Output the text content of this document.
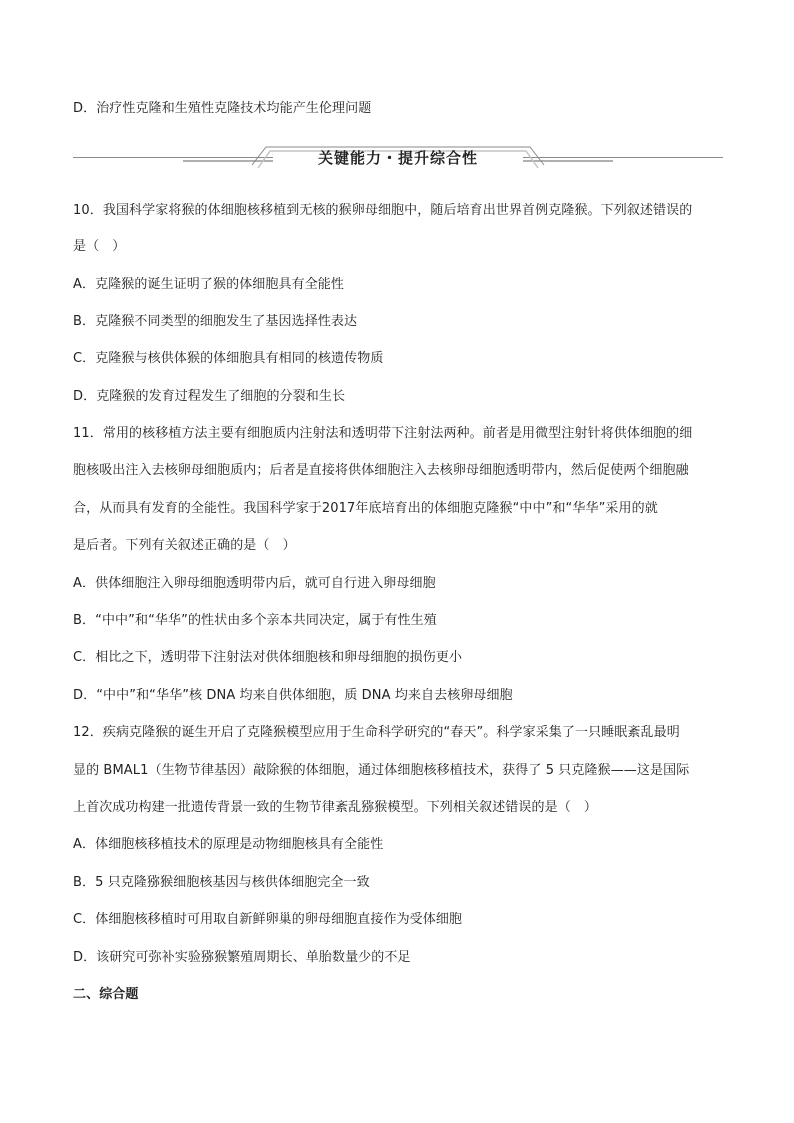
D．治疗性克隆和生殖性克隆技术均能产生伦理问题
关键能力・提升综合性
10．我国科学家将猴的体细胞核移植到无核的猴卵母细胞中，随后培育出世界首例克隆猴。下列叙述错误的
是（　）
A．克隆猴的诞生证明了猴的体细胞具有全能性
B．克隆猴不同类型的细胞发生了基因选择性表达
C．克隆猴与核供体猴的体细胞具有相同的核遗传物质
D．克隆猴的发育过程发生了细胞的分裂和生长
11．常用的核移植方法主要有细胞质内注射法和透明带下注射法两种。前者是用微型注射针将供体细胞的细
胞核吸出注入去核卵母细胞质内；后者是直接将供体细胞注入去核卵母细胞透明带内，然后促使两个细胞融
合，从而具有发育的全能性。我国科学家于2017年底培育出的体细胞克隆猴“中中”和“华华”采用的就
是后者。下列有关叙述正确的是（　）
A．供体细胞注入卵母细胞透明带内后，就可自行进入卵母细胞
B．“中中”和“华华”的性状由多个亲本共同决定，属于有性生殖
C．相比之下，透明带下注射法对供体细胞核和卵母细胞的损伤更小
D．“中中”和“华华”核 DNA 均来自供体细胞，质 DNA 均来自去核卵母细胞
12．疾病克隆猴的诞生开启了克隆猴模型应用于生命科学研究的“春天”。科学家采集了一只睡眠紊乱最明
显的 BMAL1（生物节律基因）敲除猴的体细胞，通过体细胞核移植技术，获得了 5 只克隆猴——这是国际
上首次成功构建一批遗传背景一致的生物节律紊乱猕猴模型。下列相关叙述错误的是（　）
A．体细胞核移植技术的原理是动物细胞核具有全能性
B．5 只克隆猕猴细胞核基因与核供体细胞完全一致
C．体细胞核移植时可用取自新鲜卵巢的卵母细胞直接作为受体细胞
D．该研究可弥补实验猕猴繁殖周期长、单胎数量少的不足
二、综合题
